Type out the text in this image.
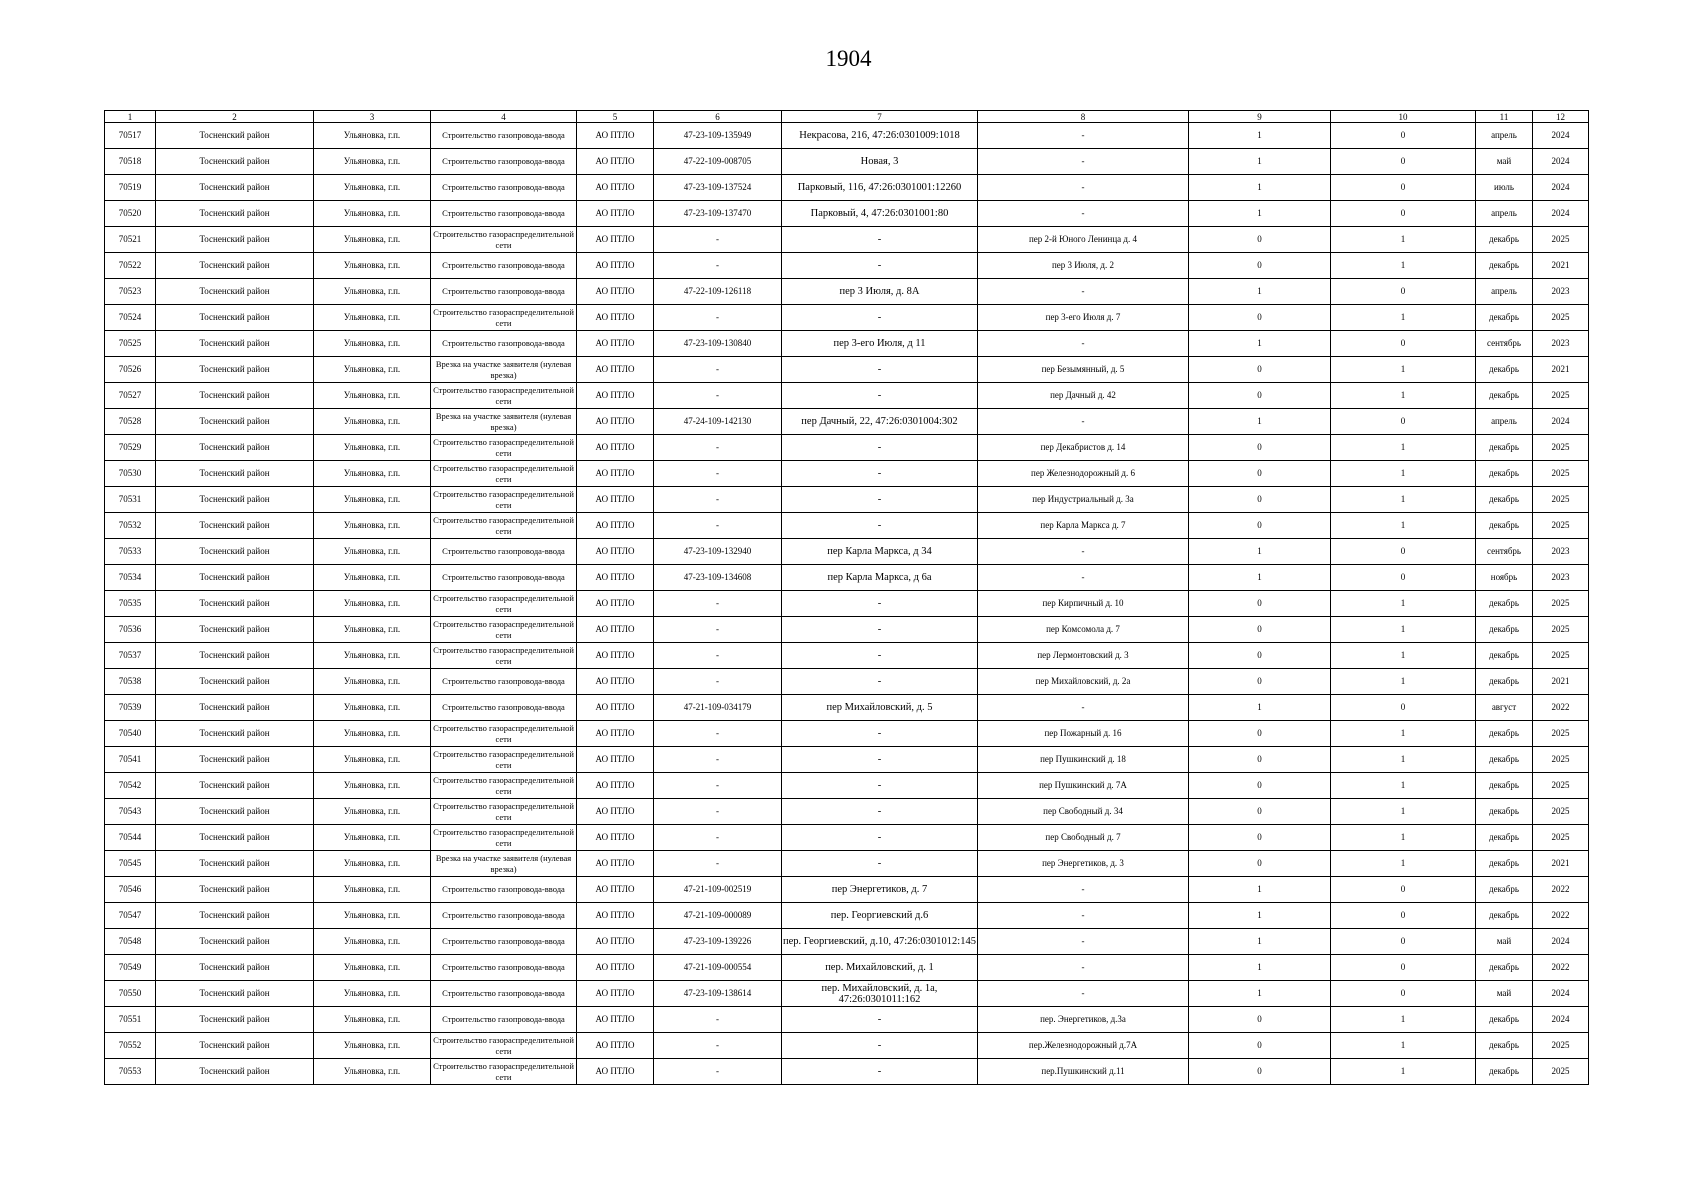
1904
1	2	3	4	5	6	7	8	9	10	11	12
70517	Тосненский район	Ульяновка, г.п.	Строительство газопровода-ввода	АО ПТЛО	47-23-109-135949	Некрасова, 216, 47:26:0301009:1018	-	1	0	апрель	2024
70518	Тосненский район	Ульяновка, г.п.	Строительство газопровода-ввода	АО ПТЛО	47-22-109-008705	Новая, 3	-	1	0	май	2024
70519	Тосненский район	Ульяновка, г.п.	Строительство газопровода-ввода	АО ПТЛО	47-23-109-137524	Парковый, 116, 47:26:0301001:12260	-	1	0	июль	2024
70520	Тосненский район	Ульяновка, г.п.	Строительство газопровода-ввода	АО ПТЛО	47-23-109-137470	Парковый, 4, 47:26:0301001:80	-	1	0	апрель	2024
70521	Тосненский район	Ульяновка, г.п.	Строительство газораспределительной сети	АО ПТЛО	-	-	пер 2-й Юного Ленинца д. 4	0	1	декабрь	2025
70522	Тосненский район	Ульяновка, г.п.	Строительство газопровода-ввода	АО ПТЛО	-	-	пер 3 Июля, д. 2	0	1	декабрь	2021
70523	Тосненский район	Ульяновка, г.п.	Строительство газопровода-ввода	АО ПТЛО	47-22-109-126118	пер 3 Июля, д. 8А	-	1	0	апрель	2023
70524	Тосненский район	Ульяновка, г.п.	Строительство газораспределительной сети	АО ПТЛО	-	-	пер 3-его Июля д. 7	0	1	декабрь	2025
70525	Тосненский район	Ульяновка, г.п.	Строительство газопровода-ввода	АО ПТЛО	47-23-109-130840	пер 3-его Июля, д 11	-	1	0	сентябрь	2023
70526	Тосненский район	Ульяновка, г.п.	Врезка на участке заявителя (нулевая врезка)	АО ПТЛО	-	-	пер Безымянный, д. 5	0	1	декабрь	2021
70527	Тосненский район	Ульяновка, г.п.	Строительство газораспределительной сети	АО ПТЛО	-	-	пер Дачный д. 42	0	1	декабрь	2025
70528	Тосненский район	Ульяновка, г.п.	Врезка на участке заявителя (нулевая врезка)	АО ПТЛО	47-24-109-142130	пер Дачный, 22, 47:26:0301004:302	-	1	0	апрель	2024
70529	Тосненский район	Ульяновка, г.п.	Строительство газораспределительной сети	АО ПТЛО	-	-	пер Декабристов д. 14	0	1	декабрь	2025
70530	Тосненский район	Ульяновка, г.п.	Строительство газораспределительной сети	АО ПТЛО	-	-	пер Железнодорожный д. 6	0	1	декабрь	2025
70531	Тосненский район	Ульяновка, г.п.	Строительство газораспределительной сети	АО ПТЛО	-	-	пер Индустриальный д. 3а	0	1	декабрь	2025
70532	Тосненский район	Ульяновка, г.п.	Строительство газораспределительной сети	АО ПТЛО	-	-	пер Карла Маркса д. 7	0	1	декабрь	2025
70533	Тосненский район	Ульяновка, г.п.	Строительство газопровода-ввода	АО ПТЛО	47-23-109-132940	пер Карла Маркса, д 34	-	1	0	сентябрь	2023
70534	Тосненский район	Ульяновка, г.п.	Строительство газопровода-ввода	АО ПТЛО	47-23-109-134608	пер Карла Маркса, д 6а	-	1	0	ноябрь	2023
70535	Тосненский район	Ульяновка, г.п.	Строительство газораспределительной сети	АО ПТЛО	-	-	пер Кирпичный д. 10	0	1	декабрь	2025
70536	Тосненский район	Ульяновка, г.п.	Строительство газораспределительной сети	АО ПТЛО	-	-	пер Комсомола д. 7	0	1	декабрь	2025
70537	Тосненский район	Ульяновка, г.п.	Строительство газораспределительной сети	АО ПТЛО	-	-	пер Лермонтовский д. 3	0	1	декабрь	2025
70538	Тосненский район	Ульяновка, г.п.	Строительство газопровода-ввода	АО ПТЛО	-	-	пер Михайловский, д. 2а	0	1	декабрь	2021
70539	Тосненский район	Ульяновка, г.п.	Строительство газопровода-ввода	АО ПТЛО	47-21-109-034179	пер Михайловский, д. 5	-	1	0	август	2022
70540	Тосненский район	Ульяновка, г.п.	Строительство газораспределительной сети	АО ПТЛО	-	-	пер Пожарный д. 16	0	1	декабрь	2025
70541	Тосненский район	Ульяновка, г.п.	Строительство газораспределительной сети	АО ПТЛО	-	-	пер Пушкинский д. 18	0	1	декабрь	2025
70542	Тосненский район	Ульяновка, г.п.	Строительство газораспределительной сети	АО ПТЛО	-	-	пер Пушкинский д. 7А	0	1	декабрь	2025
70543	Тосненский район	Ульяновка, г.п.	Строительство газораспределительной сети	АО ПТЛО	-	-	пер Свободный д. 34	0	1	декабрь	2025
70544	Тосненский район	Ульяновка, г.п.	Строительство газораспределительной сети	АО ПТЛО	-	-	пер Свободный д. 7	0	1	декабрь	2025
70545	Тосненский район	Ульяновка, г.п.	Врезка на участке заявителя (нулевая врезка)	АО ПТЛО	-	-	пер Энергетиков, д. 3	0	1	декабрь	2021
70546	Тосненский район	Ульяновка, г.п.	Строительство газопровода-ввода	АО ПТЛО	47-21-109-002519	пер Энергетиков, д. 7	-	1	0	декабрь	2022
70547	Тосненский район	Ульяновка, г.п.	Строительство газопровода-ввода	АО ПТЛО	47-21-109-000089	пер. Георгиевский д.6	-	1	0	декабрь	2022
70548	Тосненский район	Ульяновка, г.п.	Строительство газопровода-ввода	АО ПТЛО	47-23-109-139226	пер. Георгиевский, д.10, 47:26:0301012:145	-	1	0	май	2024
70549	Тосненский район	Ульяновка, г.п.	Строительство газопровода-ввода	АО ПТЛО	47-21-109-000554	пер. Михайловский, д. 1	-	1	0	декабрь	2022
70550	Тосненский район	Ульяновка, г.п.	Строительство газопровода-ввода	АО ПТЛО	47-23-109-138614	пер. Михайловский, д. 1а, 47:26:0301011:162	-	1	0	май	2024
70551	Тосненский район	Ульяновка, г.п.	Строительство газопровода-ввода	АО ПТЛО	-	-	пер. Энергетиков, д.3а	0	1	декабрь	2024
70552	Тосненский район	Ульяновка, г.п.	Строительство газораспределительной сети	АО ПТЛО	-	-	пер.Железнодорожный д.7А	0	1	декабрь	2025
70553	Тосненский район	Ульяновка, г.п.	Строительство газораспределительной сети	АО ПТЛО	-	-	пер.Пушкинский д.11	0	1	декабрь	2025
